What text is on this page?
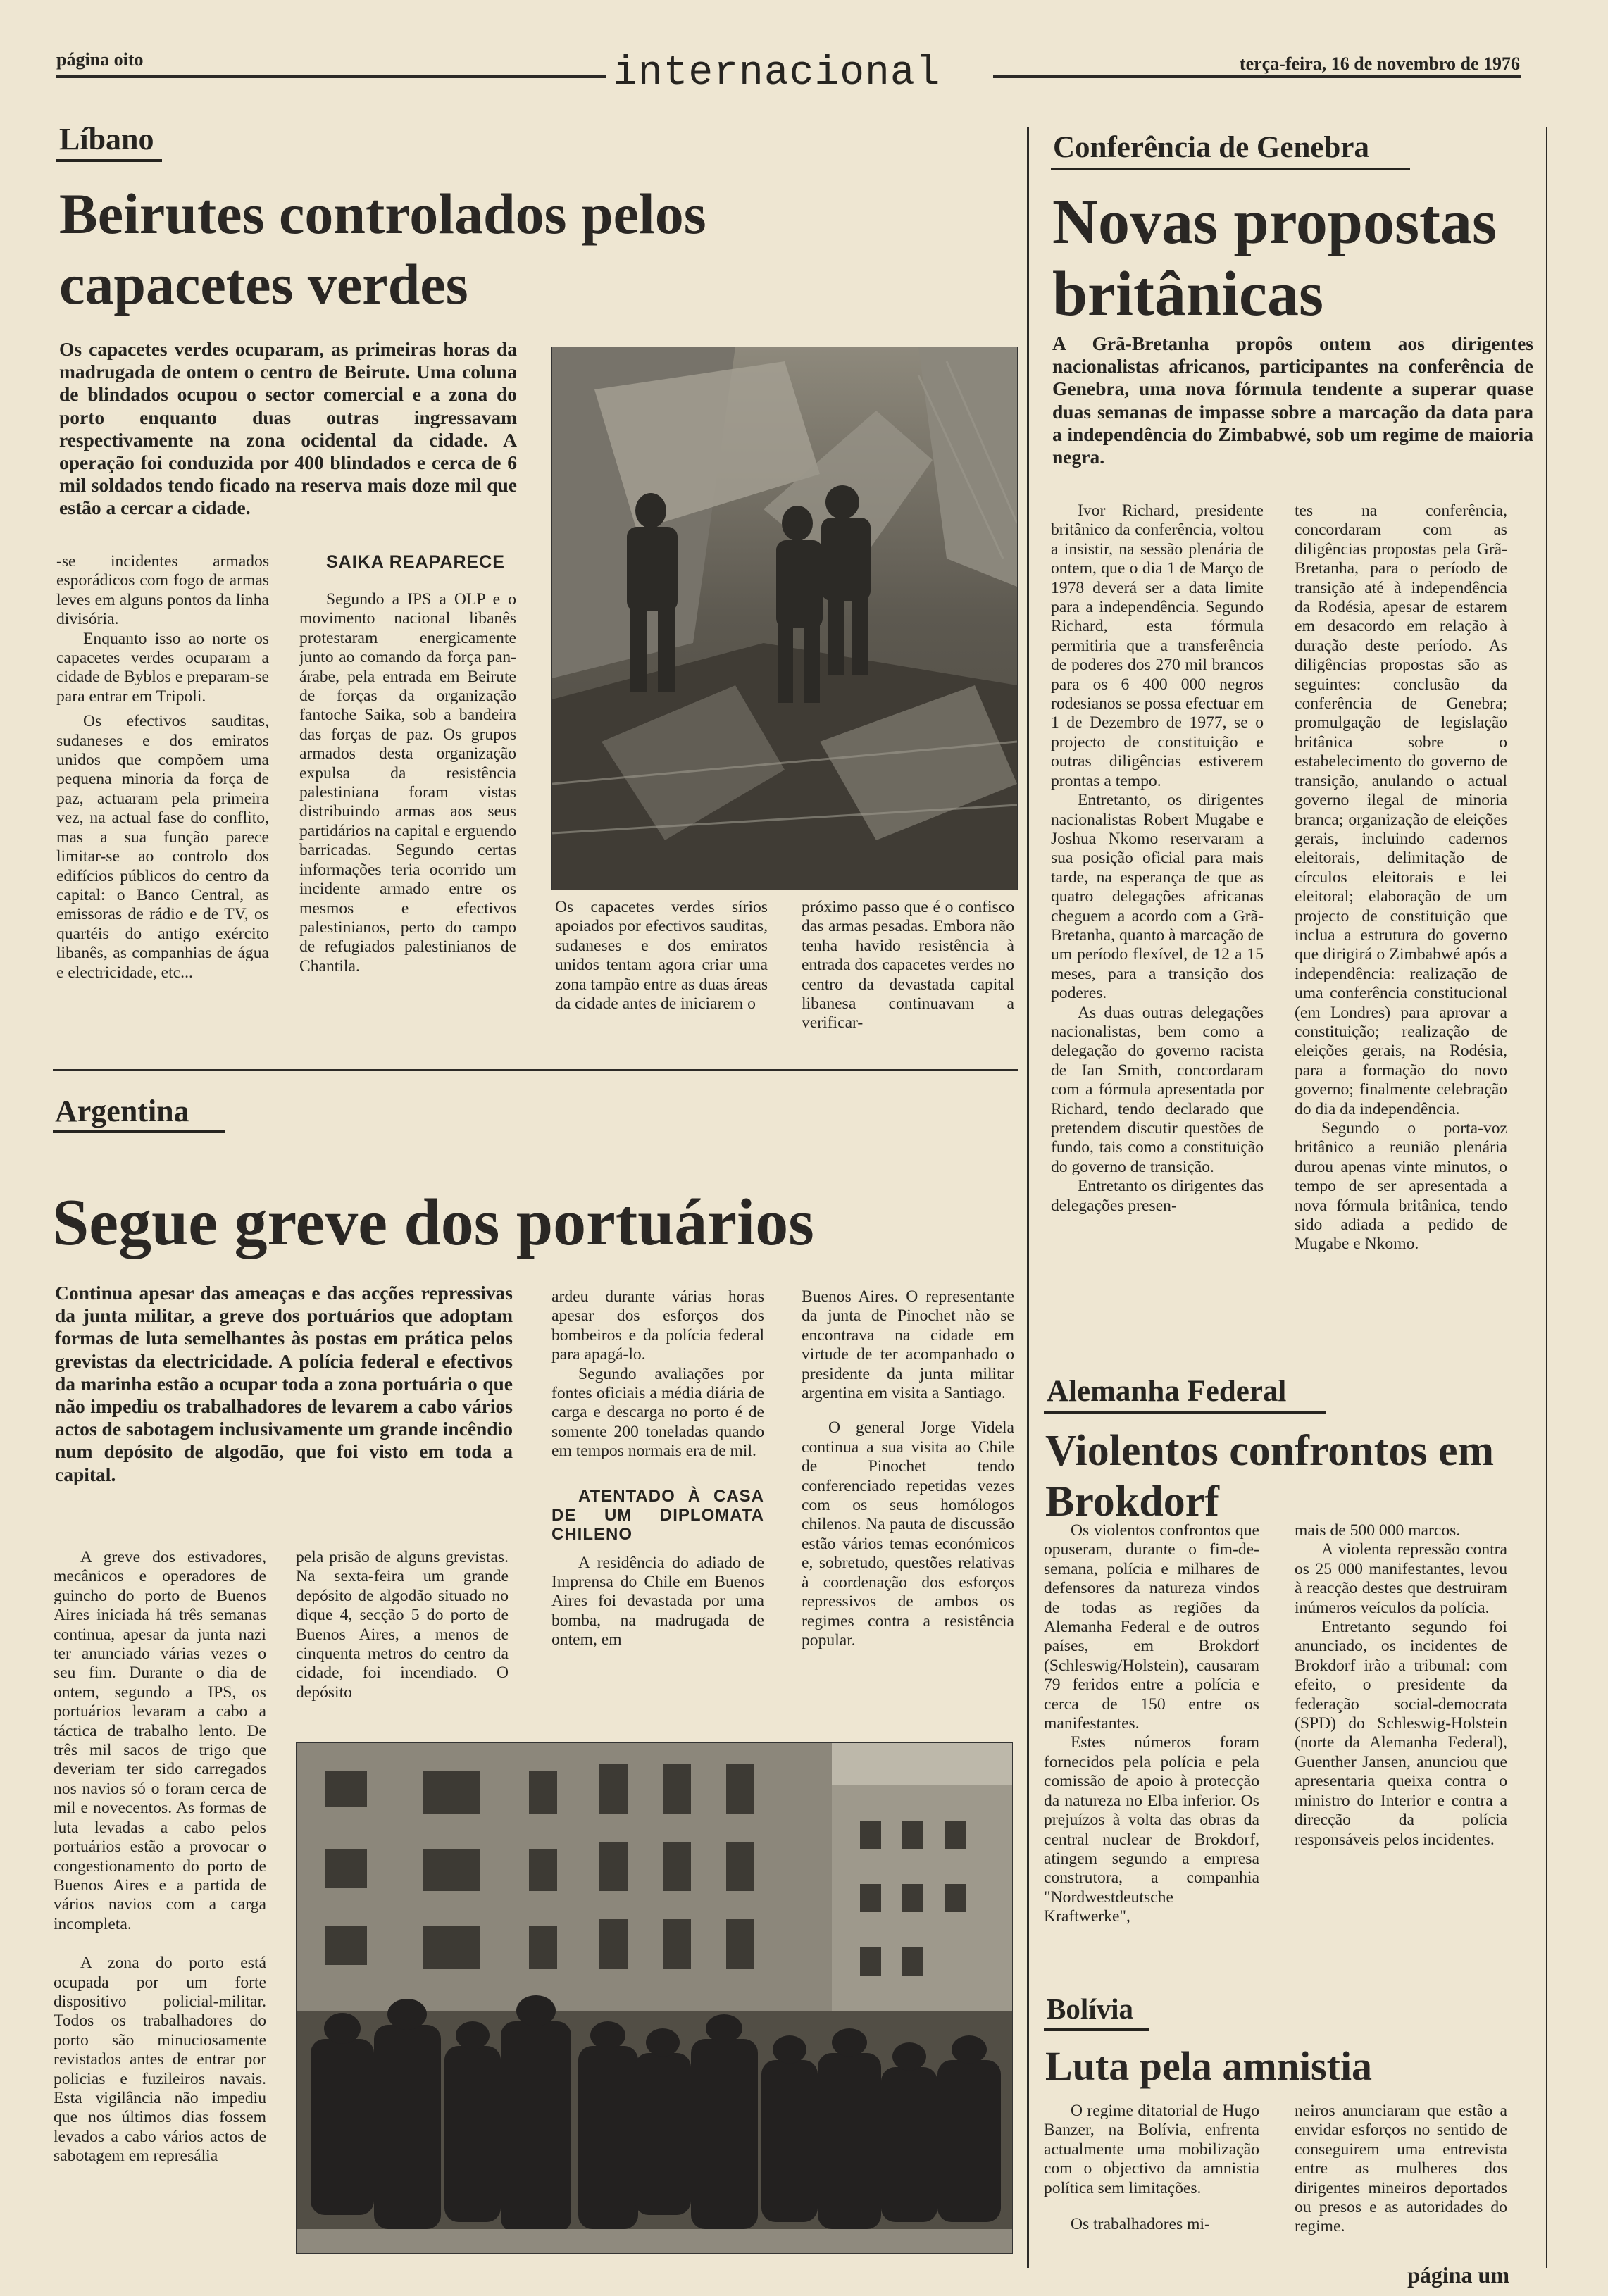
página oito	internacional	terça-feira, 16 de novembro de 1976
Líbano
Beirutes controlados pelos capacetes verdes

Os capacetes verdes ocuparam, as primeiras horas da madrugada de ontem o centro de Beirute. Uma coluna de blindados ocupou o sector comercial e a zona do porto enquanto duas outras ingressavam respectivamente na zona ocidental da cidade. A operação foi conduzida por 400 blindados e cerca de 6 mil soldados tendo ficado na reserva mais doze mil que estão a cercar a cidade.

-se incidentes armados esporádicos com fogo de armas leves em alguns pontos da linha divisória.

Enquanto isso ao norte os capacetes verdes ocuparam a cidade de Byblos e preparam-se para entrar em Tripoli.

Os efectivos sauditas, sudaneses e dos emiratos unidos que compõem uma pequena minoria da força de paz, actuaram pela primeira vez, na actual fase do conflito, mas a sua função parece limitar-se ao controlo dos edifícios públicos do centro da capital: o Banco Central, as emissoras de rádio e de TV, os quartéis do antigo exército libanês, as companhias de água e electricidade, etc...

SAIKA REAPARECE

Segundo a IPS a OLP e o movimento nacional libanês protestaram energicamente junto ao comando da força pan-árabe, pela entrada em Beirute de forças da organização fantoche Saika, sob a bandeira das forças de paz. Os grupos armados desta organização expulsa da resistência palestiniana foram vistas distribuindo armas aos seus partidários na capital e erguendo barricadas. Segundo certas informações teria ocorrido um incidente armado entre os mesmos e efectivos palestinianos, perto do campo de refugiados palestinianos de Chantila.

Os capacetes verdes sírios apoiados por efectivos sauditas, sudaneses e dos emiratos unidos tentam agora criar uma zona tampão entre as duas áreas da cidade antes de iniciarem o

próximo passo que é o confisco das armas pesadas. Embora não tenha havido resistência à entrada dos capacetes verdes no centro da devastada capital libanesa continuavam a verificar-

Argentina
Segue greve dos portuários

Continua apesar das ameaças e das acções repressivas da junta militar, a greve dos portuários que adoptam formas de luta semelhantes às postas em prática pelos grevistas da electricidade. A polícia federal e efectivos da marinha estão a ocupar toda a zona portuária o que não impediu os trabalhadores de levarem a cabo vários actos de sabotagem inclusivamente um grande incêndio num depósito de algodão, que foi visto em toda a capital.

A greve dos estivadores, mecânicos e operadores de guincho do porto de Buenos Aires iniciada há três semanas continua, apesar da junta nazi ter anunciado várias vezes o seu fim. Durante o dia de ontem, segundo a IPS, os portuários levaram a cabo a táctica de trabalho lento. De três mil sacos de trigo que deveriam ter sido carregados nos navios só o foram cerca de mil e novecentos. As formas de luta levadas a cabo pelos portuários estão a provocar o congestionamento do porto de Buenos Aires e a partida de vários navios com a carga incompleta.

A zona do porto está ocupada por um forte dispositivo policial-militar. Todos os trabalhadores do porto são minuciosamente revistados antes de entrar por policias e fuzileiros navais. Esta vigilância não impediu que nos últimos dias fossem levados a cabo vários actos de sabotagem em represália

pela prisão de alguns grevistas. Na sexta-feira um grande depósito de algodão situado no dique 4, secção 5 do porto de Buenos Aires, a menos de cinquenta metros do centro da cidade, foi incendiado. O depósito

ardeu durante várias horas apesar dos esforços dos bombeiros e da polícia federal para apagá-lo.

Segundo avaliações por fontes oficiais a média diária de carga e descarga no porto é de somente 200 toneladas quando em tempos normais era de mil.

ATENTADO À CASA DE UM DIPLOMATA CHILENO

A residência do adiado de Imprensa do Chile em Buenos Aires foi devastada por uma bomba, na madrugada de ontem, em

Buenos Aires. O representante da junta de Pinochet não se encontrava na cidade em virtude de ter acompanhado o presidente da junta militar argentina em visita a Santiago.

O general Jorge Videla continua a sua visita ao Chile de Pinochet tendo conferenciado repetidas vezes com os seus homólogos chilenos. Na pauta de discussão estão vários temas económicos e, sobretudo, questões relativas à coordenação dos esforços repressivos de ambos os regimes contra a resistência popular.

Conferência de Genebra
Novas propostas britânicas

A Grã-Bretanha propôs ontem aos dirigentes nacionalistas africanos, participantes na conferência de Genebra, uma nova fórmula tendente a superar quase duas semanas de impasse sobre a marcação da data para a independência do Zimbabwé, sob um regime de maioria negra.

Ivor Richard, presidente britânico da conferência, voltou a insistir, na sessão plenária de ontem, que o dia 1 de Março de 1978 deverá ser a data limite para a independência. Segundo Richard, esta fórmula permitiria que a transferência de poderes dos 270 mil brancos para os 6 400 000 negros rodesianos se possa efectuar em 1 de Dezembro de 1977, se o projecto de constituição e outras diligências estiverem prontas a tempo.

Entretanto, os dirigentes nacionalistas Robert Mugabe e Joshua Nkomo reservaram a sua posição oficial para mais tarde, na esperança de que as quatro delegações africanas cheguem a acordo com a Grã-Bretanha, quanto à marcação de um período flexível, de 12 a 15 meses, para a transição dos poderes.

As duas outras delegações nacionalistas, bem como a delegação do governo racista de Ian Smith, concordaram com a fórmula apresentada por Richard, tendo declarado que pretendem discutir questões de fundo, tais como a constituição do governo de transição.

Entretanto os dirigentes das delegações presen-

tes na conferência, concordaram com as diligências propostas pela Grã-Bretanha, para o período de transição até à independência da Rodésia, apesar de estarem em desacordo em relação à duração deste período. As diligências propostas são as seguintes: conclusão da conferência de Genebra; promulgação de legislação britânica sobre o estabelecimento do governo de transição, anulando o actual governo ilegal de minoria branca; organização de eleições gerais, incluindo cadernos eleitorais, delimitação de círculos eleitorais e lei eleitoral; elaboração de um projecto de constituição que inclua a estrutura do governo que dirigirá o Zimbabwé após a independência: realização de uma conferência constitucional (em Londres) para aprovar a constituição; realização de eleições gerais, na Rodésia, para a formação do novo governo; finalmente celebração do dia da independência.

Segundo o porta-voz britânico a reunião plenária durou apenas vinte minutos, o tempo de ser apresentada a nova fórmula britânica, tendo sido adiada a pedido de Mugabe e Nkomo.

Alemanha Federal
Violentos confrontos em Brokdorf

Os violentos confrontos que opuseram, durante o fim-de-semana, polícia e milhares de defensores da natureza vindos de todas as regiões da Alemanha Federal e de outros países, em Brokdorf (Schleswig/Holstein), causaram 79 feridos entre a polícia e cerca de 150 entre os manifestantes.

Estes números foram fornecidos pela polícia e pela comissão de apoio à protecção da natureza no Elba inferior. Os prejuízos à volta das obras da central nuclear de Brokdorf, atingem segundo a empresa construtora, a companhia "Nordwestdeutsche Kraftwerke",

mais de 500 000 marcos.

A violenta repressão contra os 25 000 manifestantes, levou à reacção destes que destruiram inúmeros veículos da polícia.

Entretanto segundo foi anunciado, os incidentes de Brokdorf irão a tribunal: com efeito, o presidente da federação social-democrata (SPD) do Schleswig-Holstein (norte da Alemanha Federal), Guenther Jansen, anunciou que apresentaria queixa contra o ministro do Interior e contra a direcção da polícia responsáveis pelos incidentes.

Bolívia
Luta pela amnistia

O regime ditatorial de Hugo Banzer, na Bolívia, enfrenta actualmente uma mobilização com o objectivo da amnistia política sem limitações.

Os trabalhadores mi-

neiros anunciaram que estão a envidar esforços no sentido de conseguirem uma entrevista entre as mulheres dos dirigentes mineiros deportados ou presos e as autoridades do regime.

página um
